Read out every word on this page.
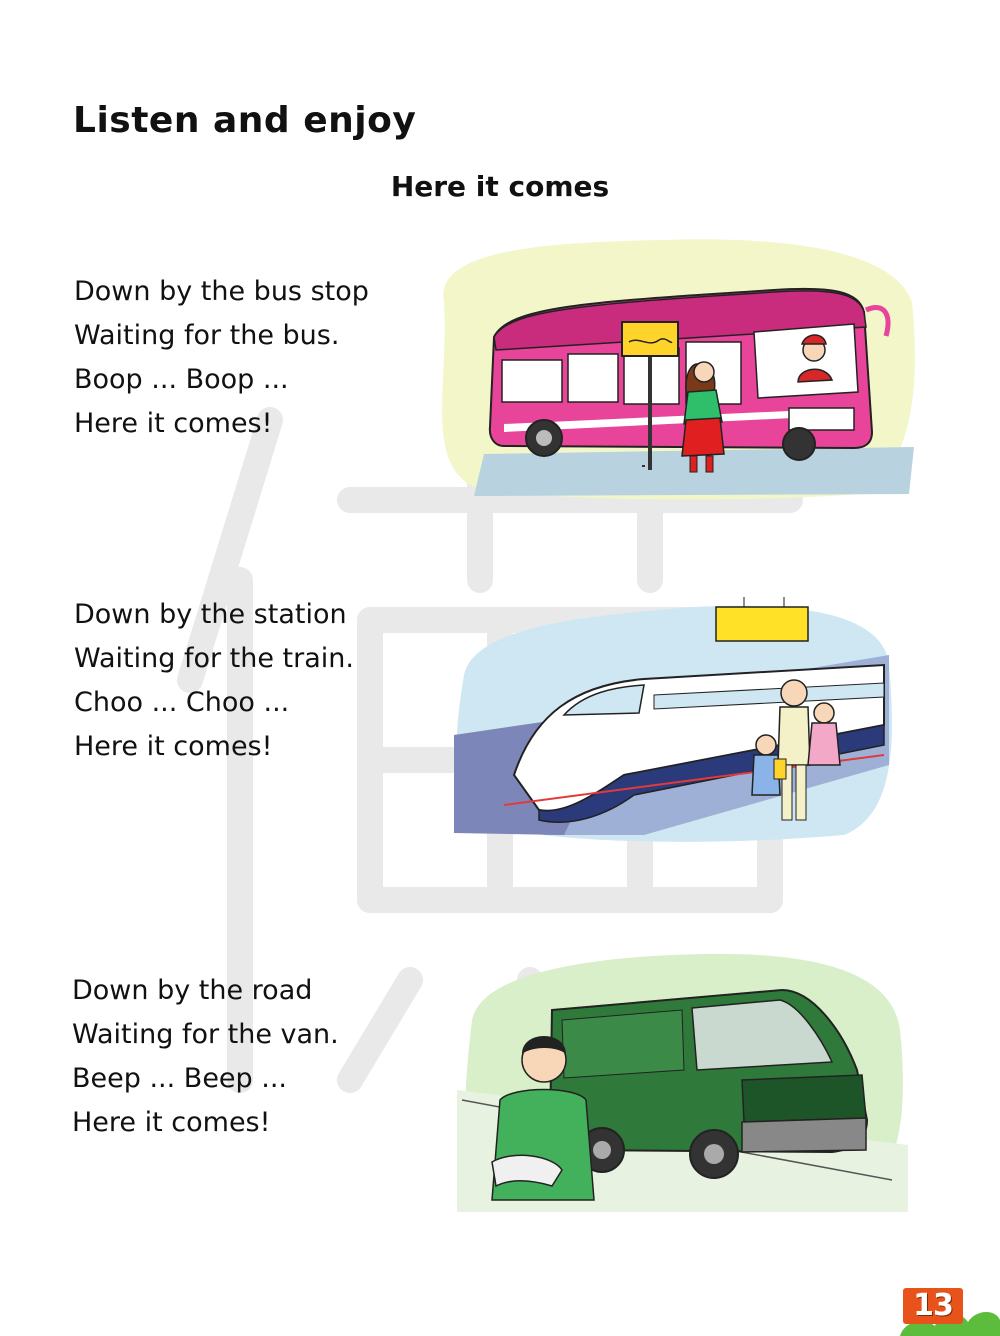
Listen and enjoy
Here it comes
Down by the bus stop
Waiting for the bus.
Boop ... Boop ...
Here it comes!
Down by the station
Waiting for the train.
Choo ... Choo ...
Here it comes!
Down by the road
Waiting for the van.
Beep ... Beep ...
Here it comes!
13
